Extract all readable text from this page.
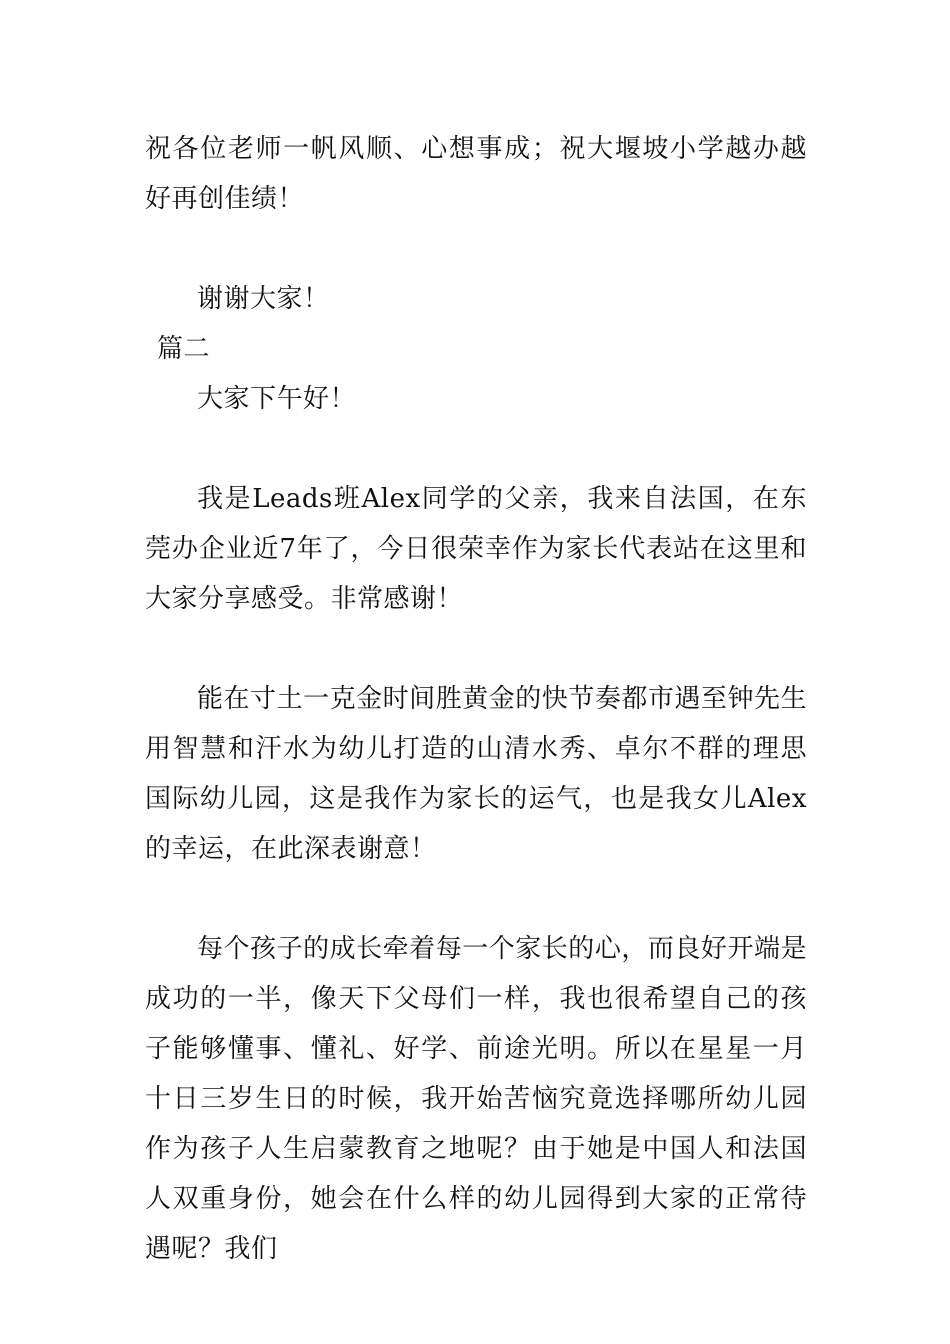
祝各位老师一帆风顺、心想事成；祝大堰坡小学越办越好再创佳绩！

谢谢大家！

篇二

大家下午好！

我是Leads班Alex同学的父亲，我来自法国，在东莞办企业近7年了，今日很荣幸作为家长代表站在这里和大家分享感受。非常感谢！

能在寸土一克金时间胜黄金的快节奏都市遇至钟先生用智慧和汗水为幼儿打造的山清水秀、卓尔不群的理思国际幼儿园，这是我作为家长的运气，也是我女儿Alex的幸运，在此深表谢意！

每个孩子的成长牵着每一个家长的心，而良好开端是成功的一半，像天下父母们一样，我也很希望自己的孩子能够懂事、懂礼、好学、前途光明。所以在星星一月十日三岁生日的时候，我开始苦恼究竟选择哪所幼儿园作为孩子人生启蒙教育之地呢？由于她是中国人和法国人双重身份，她会在什么样的幼儿园得到大家的正常待遇呢？我们
